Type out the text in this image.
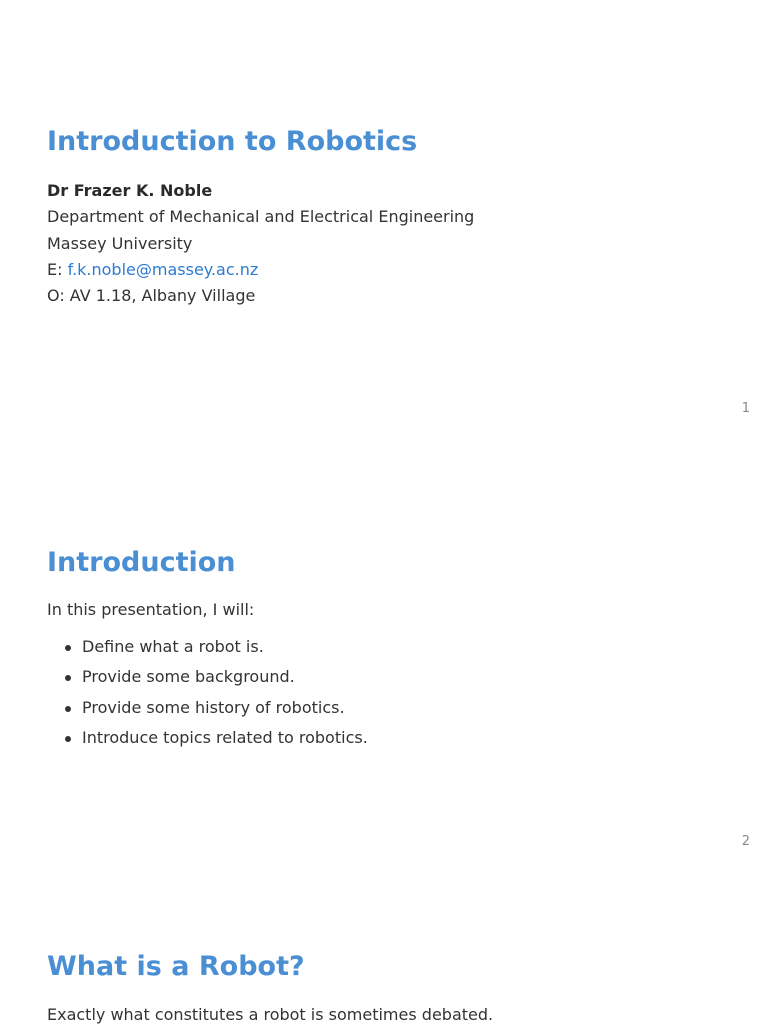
Introduction to Robotics
Dr Frazer K. Noble
Department of Mechanical and Electrical Engineering
Massey University
E: f.k.noble@massey.ac.nz
O: AV 1.18, Albany Village
1
Introduction

In this presentation, I will:

Define what a robot is.
Provide some background.
Provide some history of robotics.
Introduce topics related to robotics.
2
What is a Robot?

Exactly what constitutes a robot is sometimes debated.
